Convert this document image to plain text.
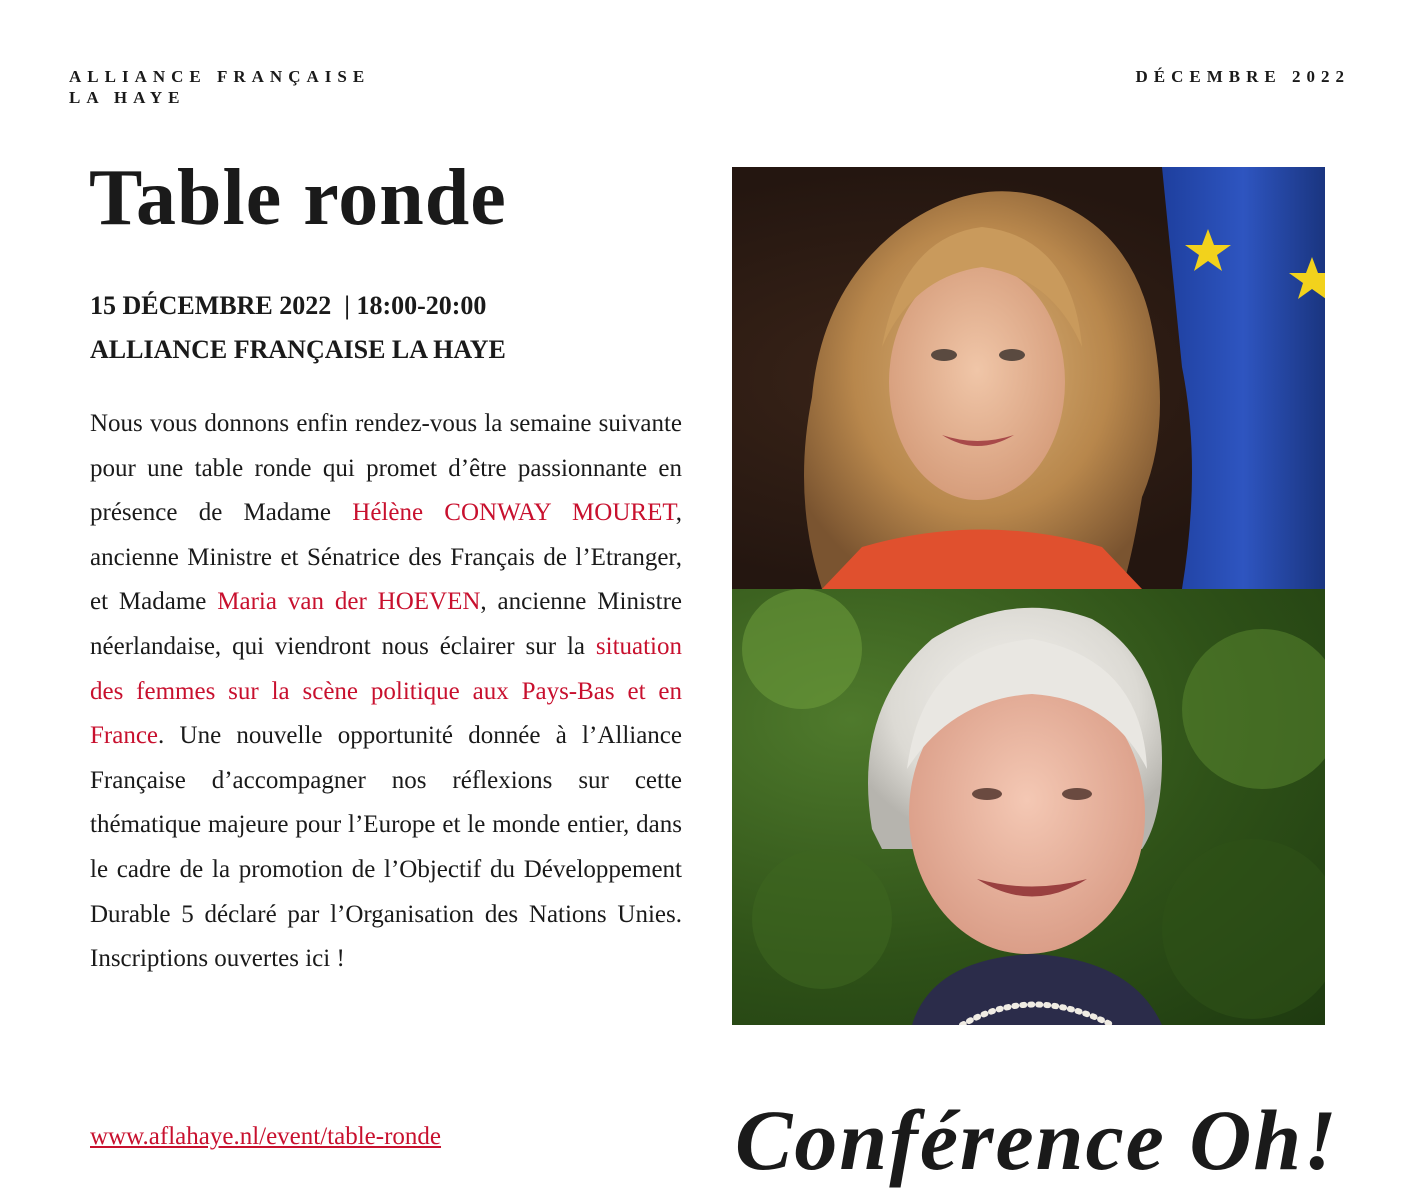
ALLIANCE FRANÇAISE
LA HAYE
DÉCEMBRE 2022
Table ronde
15 DÉCEMBRE 2022  | 18:00-20:00
ALLIANCE FRANÇAISE LA HAYE

Nous vous donnons enfin rendez-vous la semaine suivante pour une table ronde qui promet d’être passionnante en présence de Madame Hélène CONWAY MOURET, ancienne Ministre et Sénatrice des Français de l’Etranger, et Madame Maria van der HOEVEN, ancienne Ministre néerlandaise, qui viendront nous éclairer sur la situation des femmes sur la scène politique aux Pays-Bas et en France. Une nouvelle opportunité donnée à l’Alliance Française d’accompagner nos réflexions sur cette thématique majeure pour l’Europe et le monde entier, dans le cadre de la promotion de l’Objectif du Développement Durable 5 déclaré par l’Organisation des Nations Unies. Inscriptions ouvertes ici !

www.aflahaye.nl/event/table-ronde	Conférence Oh!
